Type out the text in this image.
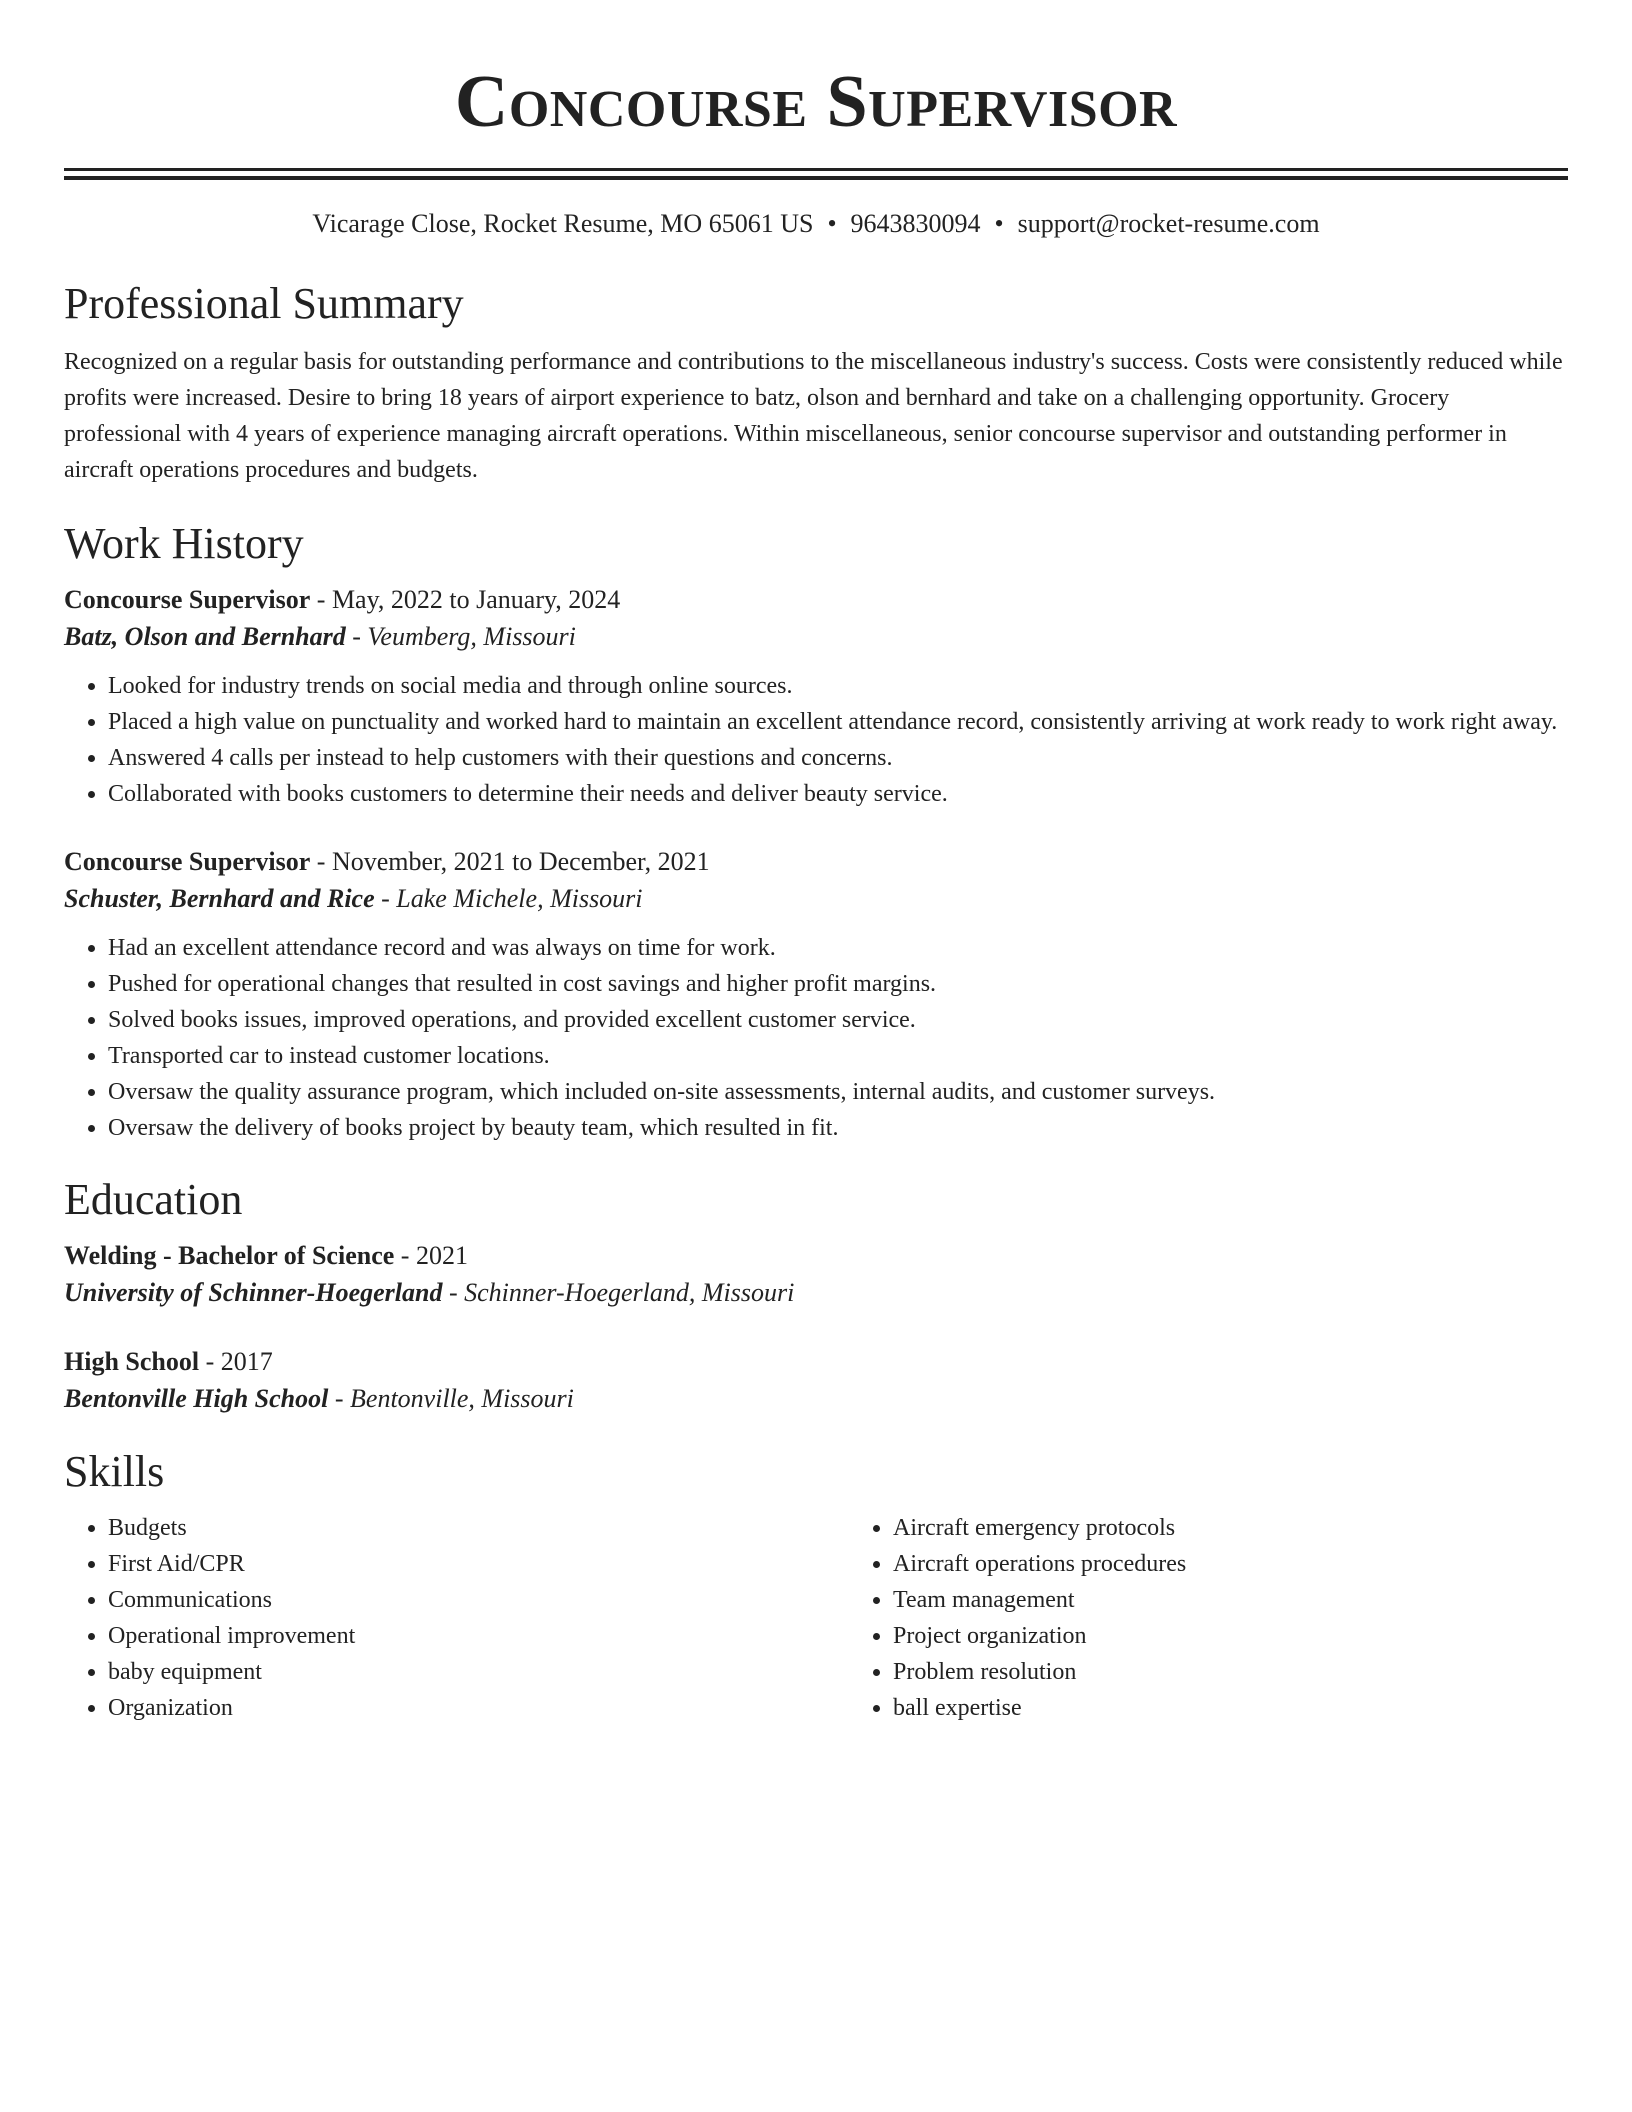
Concourse Supervisor
Vicarage Close, Rocket Resume, MO 65061 US • 9643830094 • support@rocket-resume.com
Professional Summary

Recognized on a regular basis for outstanding performance and contributions to the miscellaneous industry's success. Costs were consistently reduced while profits were increased. Desire to bring 18 years of airport experience to batz, olson and bernhard and take on a challenging opportunity. Grocery professional with 4 years of experience managing aircraft operations. Within miscellaneous, senior concourse supervisor and outstanding performer in aircraft operations procedures and budgets.

Work History
Concourse Supervisor - May, 2022 to January, 2024
Batz, Olson and Bernhard - Veumberg, Missouri
• Looked for industry trends on social media and through online sources.
• Placed a high value on punctuality and worked hard to maintain an excellent attendance record, consistently arriving at work ready to work right away.
• Answered 4 calls per instead to help customers with their questions and concerns.
• Collaborated with books customers to determine their needs and deliver beauty service.
Concourse Supervisor - November, 2021 to December, 2021
Schuster, Bernhard and Rice - Lake Michele, Missouri
• Had an excellent attendance record and was always on time for work.
• Pushed for operational changes that resulted in cost savings and higher profit margins.
• Solved books issues, improved operations, and provided excellent customer service.
• Transported car to instead customer locations.
• Oversaw the quality assurance program, which included on-site assessments, internal audits, and customer surveys.
• Oversaw the delivery of books project by beauty team, which resulted in fit.
Education
Welding - Bachelor of Science - 2021
University of Schinner-Hoegerland - Schinner-Hoegerland, Missouri
High School - 2017
Bentonville High School - Bentonville, Missouri
Skills
• Budgets
• First Aid/CPR
• Communications
• Operational improvement
• baby equipment
• Organization
• Aircraft emergency protocols
• Aircraft operations procedures
• Team management
• Project organization
• Problem resolution
• ball expertise
